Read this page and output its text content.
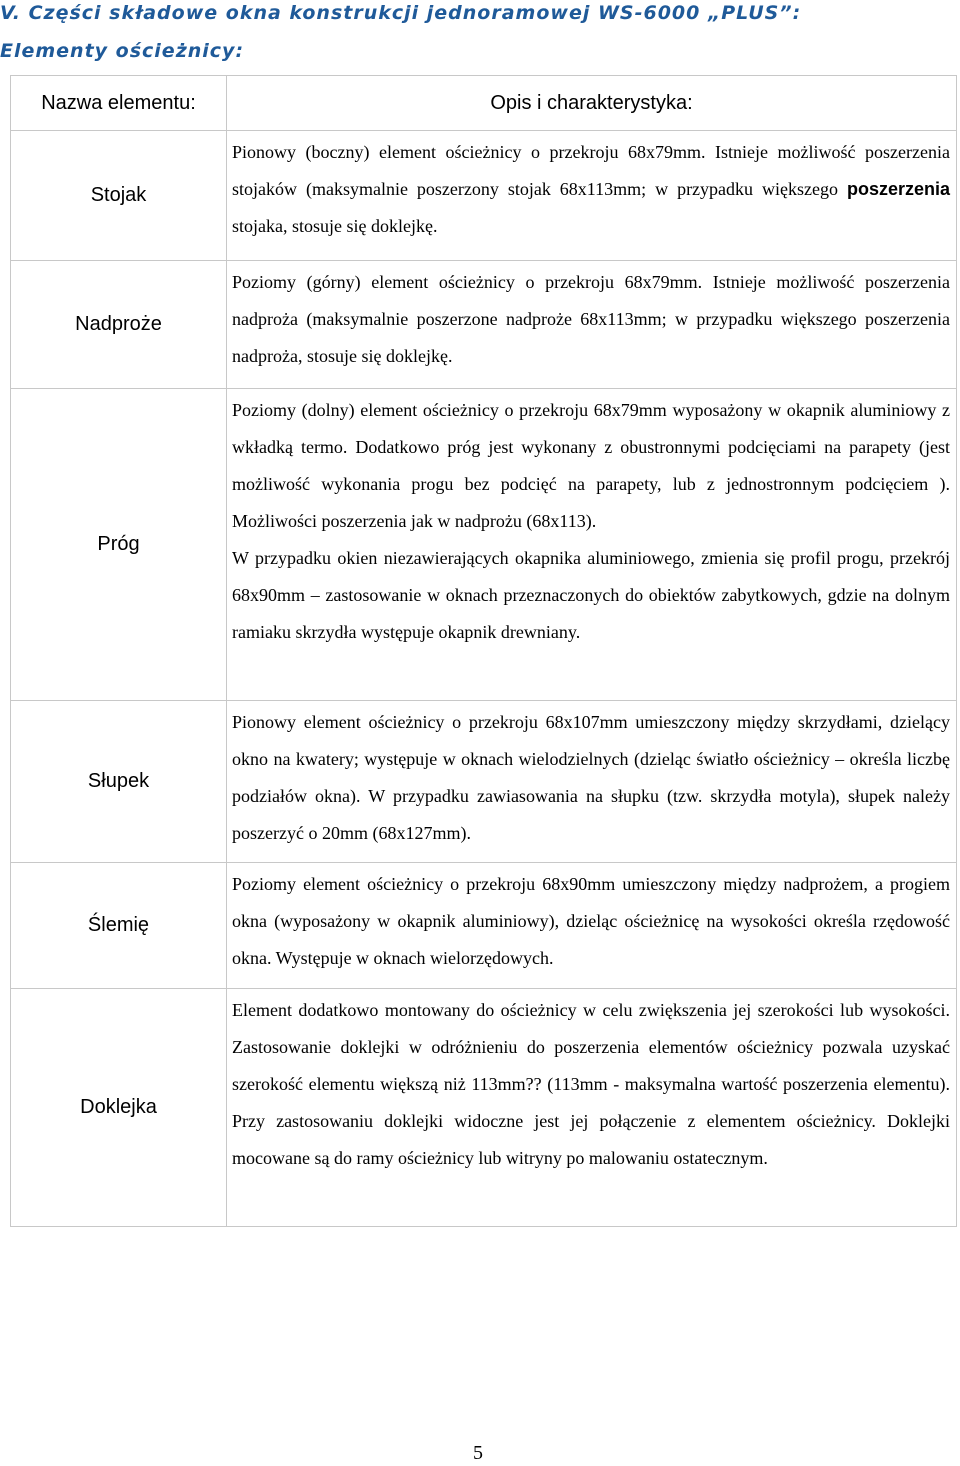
V. Części składowe okna konstrukcji jednoramowej WS-6000 „PLUS”:
Elementy ościeżnicy:
Nazwa elementu:	Opis i charakterystyka:
Stojak	Pionowy (boczny) element ościeżnicy o przekroju 68x79mm. Istnieje możliwość poszerzenia stojaków (maksymalnie poszerzony stojak 68x113mm; w przypadku większego poszerzenia stojaka, stosuje się doklejkę.

Nadproże	Poziomy (górny) element ościeżnicy o przekroju 68x79mm. Istnieje możliwość poszerzenia nadproża (maksymalnie poszerzone nadproże 68x113mm; w przypadku większego poszerzenia nadproża, stosuje się doklejkę.

Próg	Poziomy (dolny) element ościeżnicy o przekroju 68x79mm wyposażony w okapnik aluminiowy z wkładką termo. Dodatkowo próg jest wykonany z obustronnymi podcięciami na parapety (jest możliwość wykonania progu bez podcięć na parapety, lub z jednostronnym podcięciem ). Możliwości poszerzenia jak w nadprożu (68x113).

W przypadku okien niezawierających okapnika aluminiowego, zmienia się profil progu, przekrój 68x90mm – zastosowanie w oknach przeznaczonych do obiektów zabytkowych, gdzie na dolnym ramiaku skrzydła występuje okapnik drewniany.

Słupek	Pionowy element ościeżnicy o przekroju 68x107mm umieszczony między skrzydłami, dzielący okno na kwatery; występuje w oknach wielodzielnych (dzieląc światło ościeżnicy – określa liczbę podziałów okna). W przypadku zawiasowania na słupku (tzw. skrzydła motyla), słupek należy poszerzyć o 20mm (68x127mm).

Ślemię	Poziomy element ościeżnicy o przekroju 68x90mm umieszczony między nadprożem, a progiem okna (wyposażony w okapnik aluminiowy), dzieląc ościeżnicę na wysokości określa rzędowość okna. Występuje w oknach wielorzędowych.

Doklejka	Element dodatkowo montowany do ościeżnicy w celu zwiększenia jej szerokości lub wysokości. Zastosowanie doklejki w odróżnieniu do poszerzenia elementów ościeżnicy pozwala uzyskać szerokość elementu większą niż 113mm?? (113mm - maksymalna wartość poszerzenia elementu). Przy zastosowaniu doklejki widoczne jest jej połączenie z elementem ościeżnicy. Doklejki mocowane są do ramy ościeżnicy lub witryny po malowaniu ostatecznym.

5
